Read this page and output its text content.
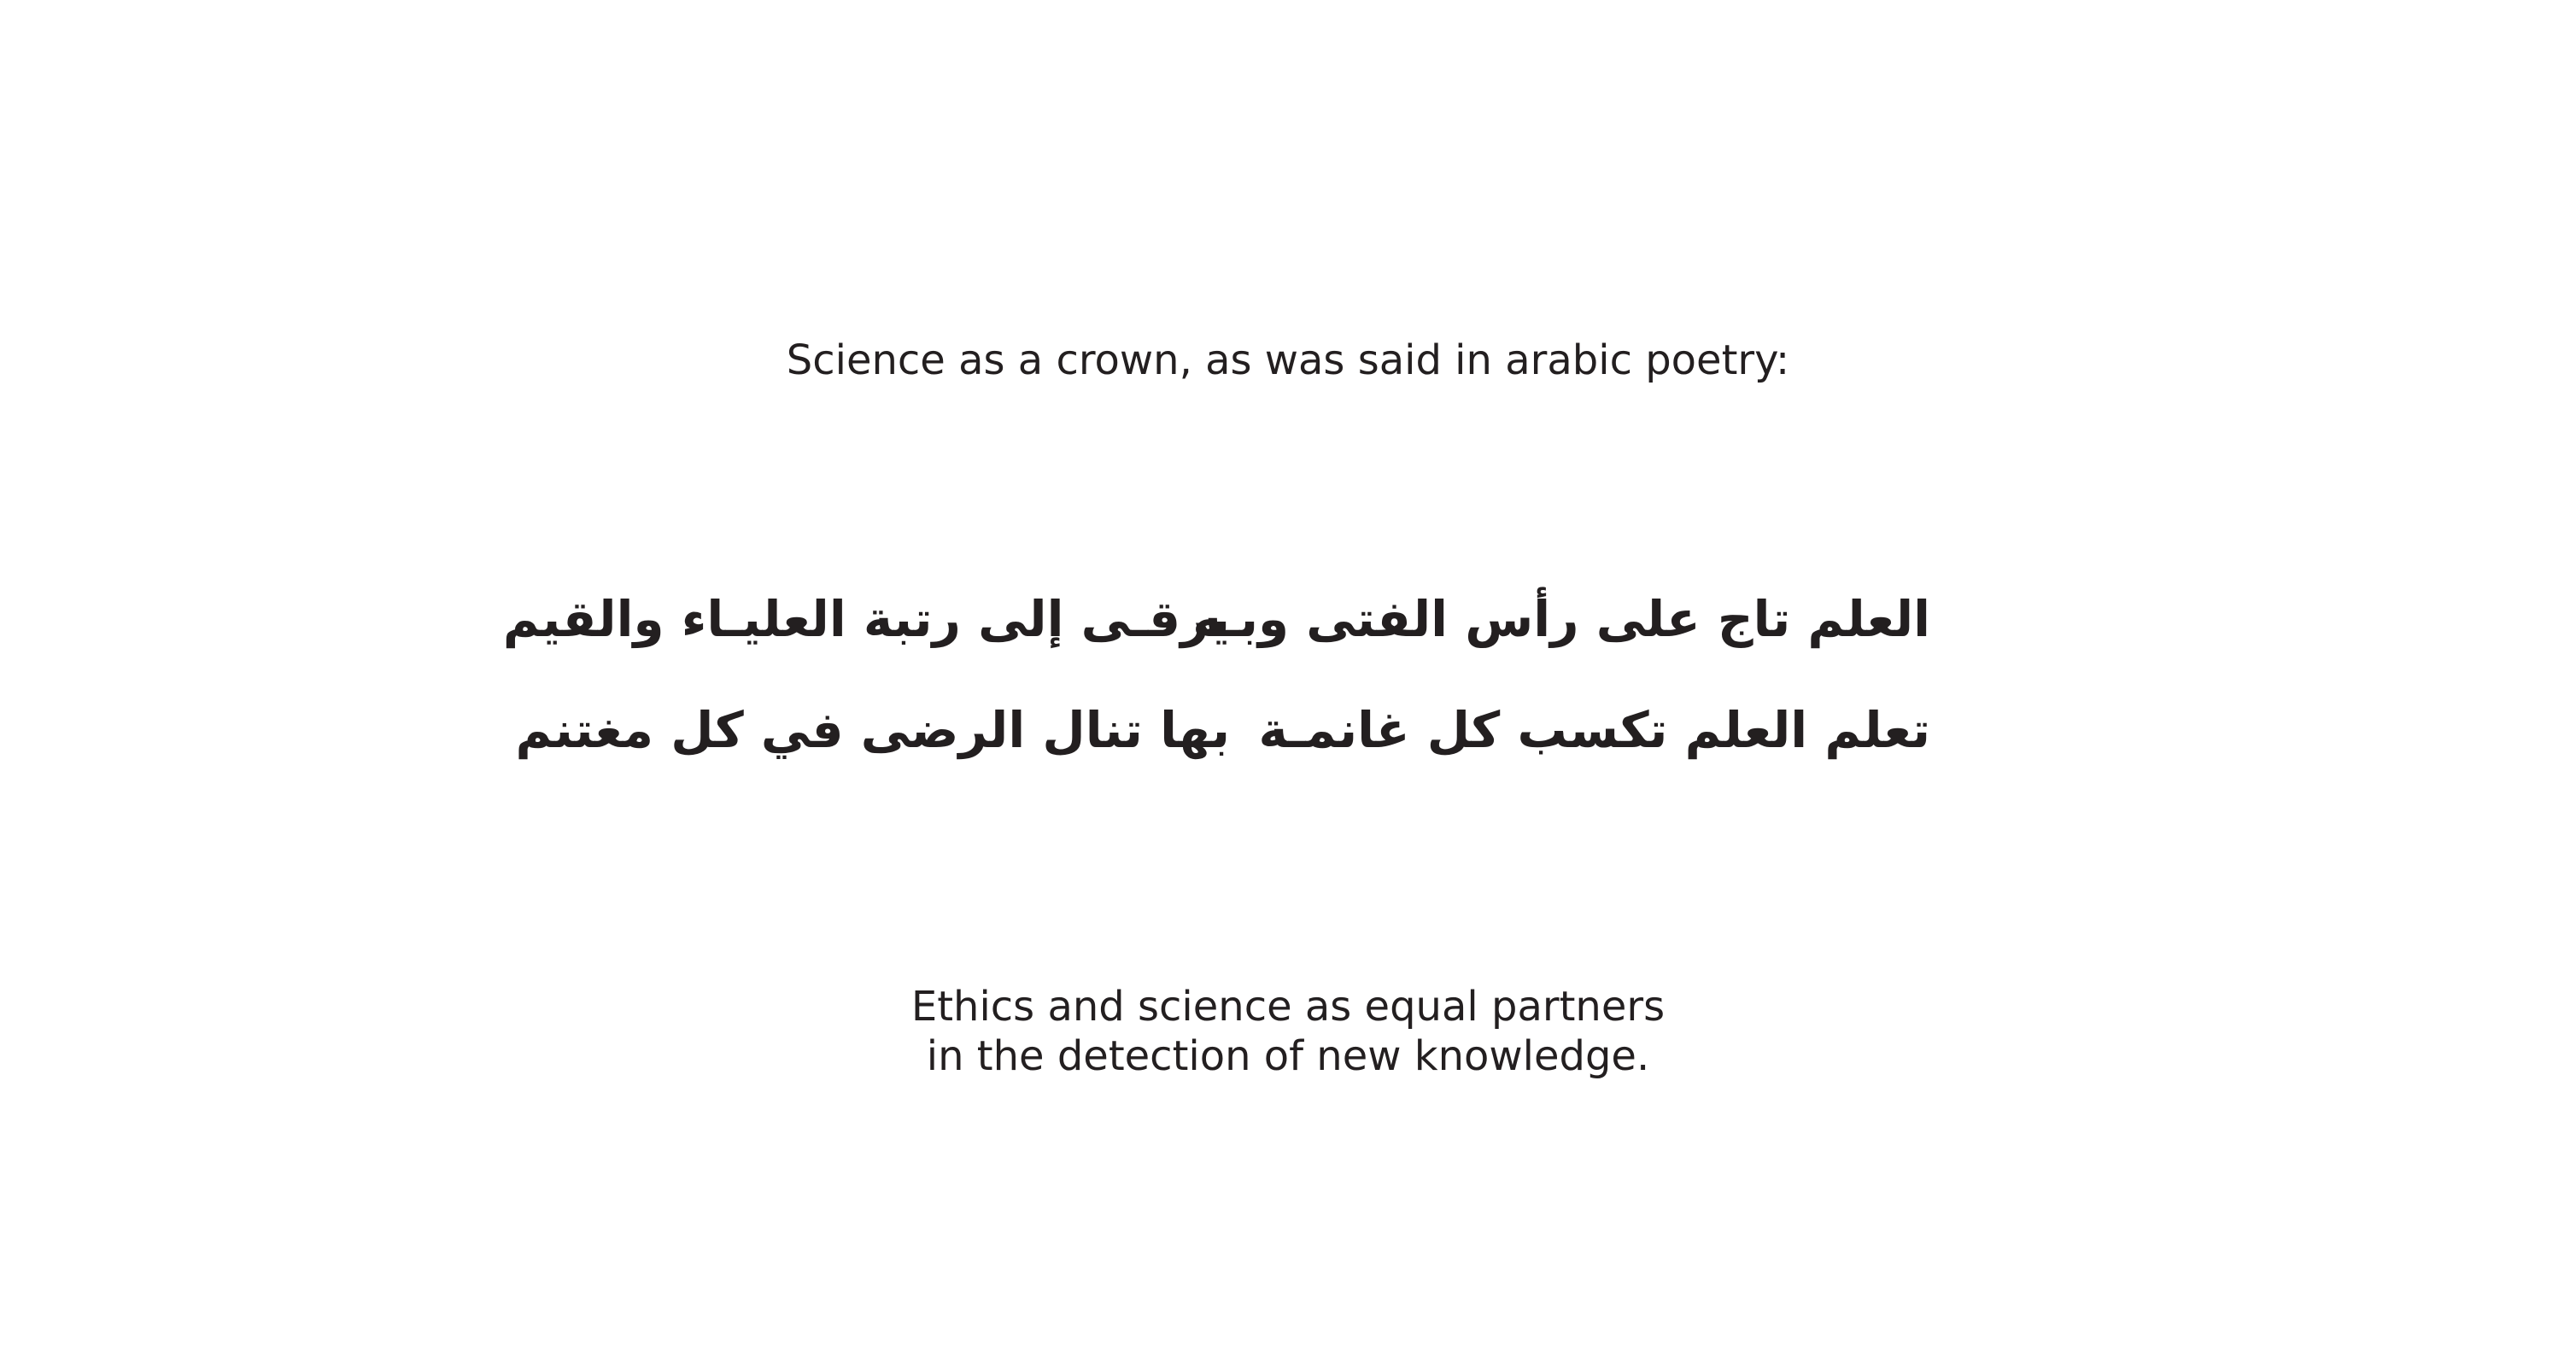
Science as a crown, as was said in arabic poetry:
العلم تاج على رأس الفتى وبـه
يرقـى إلى رتبة العليـاء والقيم
تعلم العلم تكسب كل غانمـة
بها تنال الرضى في كل مغتنم
Ethics and science as equal partners
in the detection of new knowledge.
